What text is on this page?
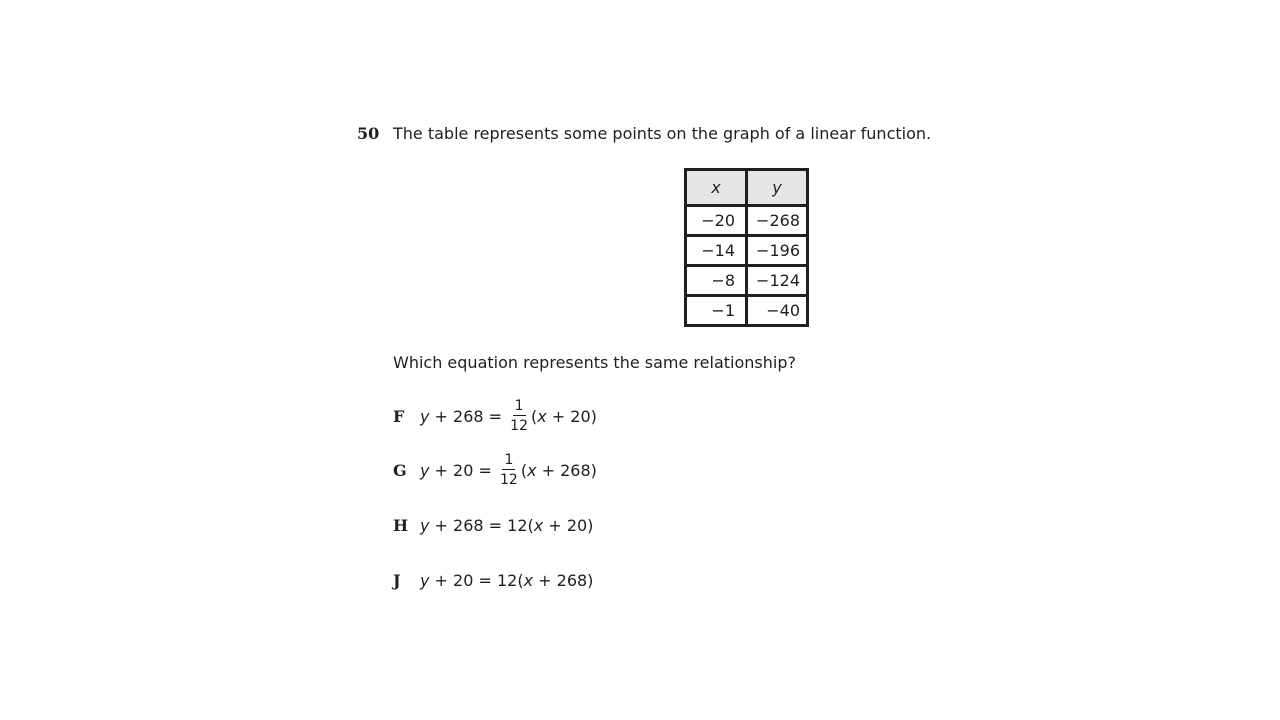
50 The table represents some points on the graph of a linear function.
x	y
−20	−268
−14	−196
−8	−124
−1	−40
Which equation represents the same relationship?
F $y + 268 = \frac{1}{12}$ ( x + 20)
G $y + 20 = \frac{1}{12}$ ( x + 268)
H y + 268 = 12( x + 20)
J	y + 20 = 12( x + 268)
